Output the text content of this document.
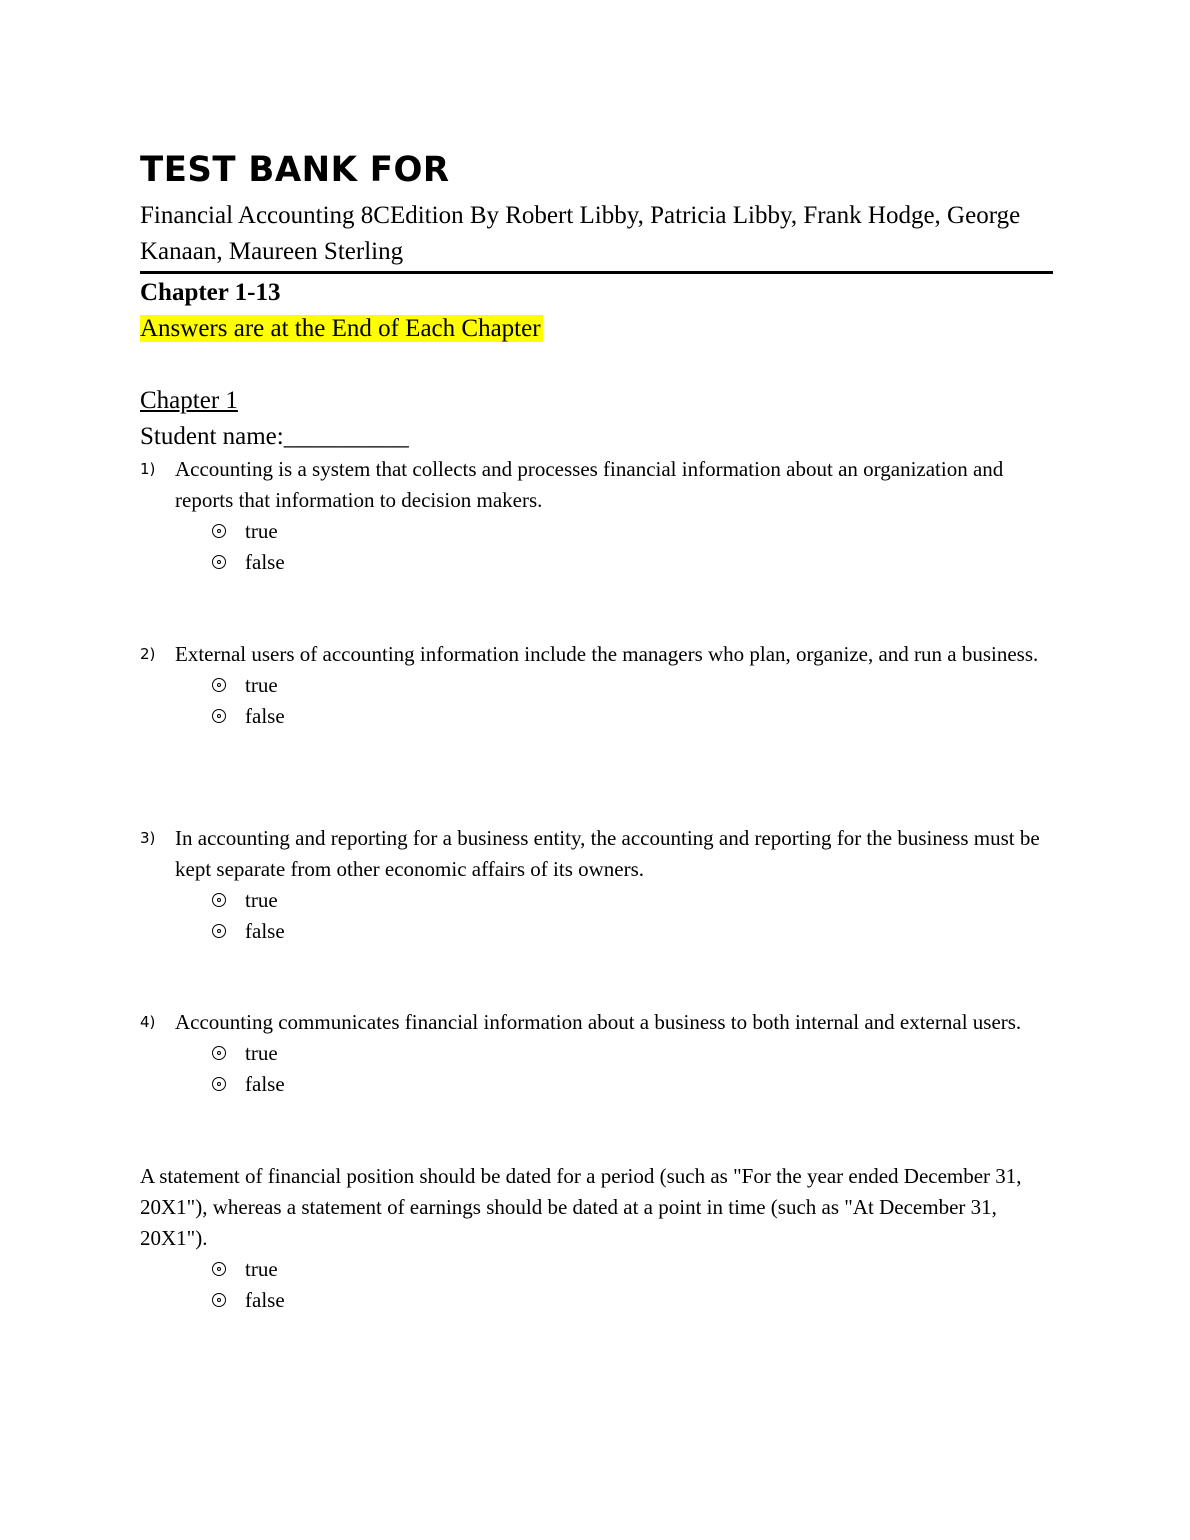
TEST BANK FOR

Financial Accounting 8CEdition By Robert Libby, Patricia Libby, Frank Hodge, George Kanaan, Maureen Sterling

Chapter 1-13

Answers are at the End of Each Chapter

Chapter 1

Student name:__________

1) Accounting is a system that collects and processes financial information about an organization and reports that information to decision makers.

true
false
2) External users of accounting information include the managers who plan, organize, and run a business.

true
false
3) In accounting and reporting for a business entity, the accounting and reporting for the business must be kept separate from other economic affairs of its owners.

true
false
4) Accounting communicates financial information about a business to both internal and external users.

true
false

A statement of financial position should be dated for a period (such as "For the year ended December 31, 20X1"), whereas a statement of earnings should be dated at a point in time (such as "At December 31, 20X1").

true
false
